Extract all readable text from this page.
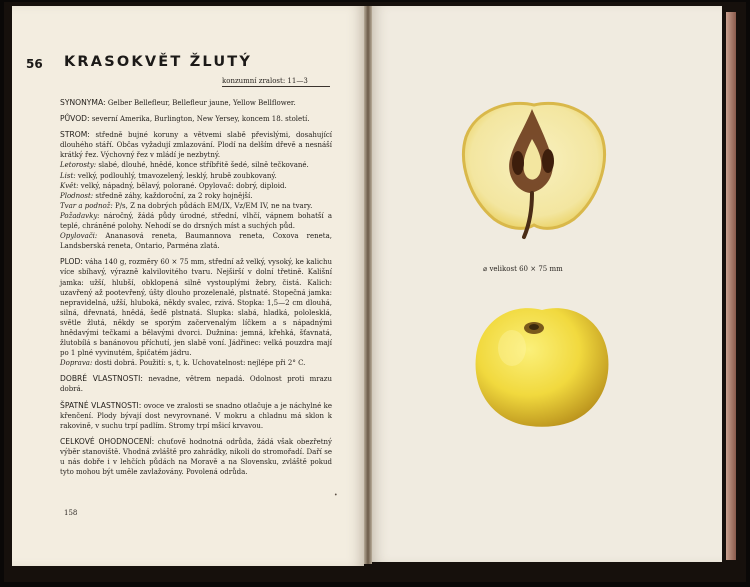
56 KRASOKVĚT ŽLUTÝ
konzumní zralost: 11—3

SYNONYMA: Gelber Bellefleur, Bellefleur jaune, Yellow Bellflower.

PŮVOD: severní Amerika, Burlington, New Yersey, koncem 18. století.

STROM: středně bujné koruny a větvemi slabě převislými, dosahující dlouhého stáří. Občas vyžadují zmlazování. Plodí na delším dřevě a nesnáší krátký řez. Výchovný řez v mládí je nezbytný.

Letorosty: slabé, dlouhé, hnědé, konce stříbřitě šedé, silně tečkované.

List: velký, podlouhlý, tmavozelený, lesklý, hrubě zoubkovaný.

Květ: velký, nápadný, bělavý, polorané. Opylovač: dobrý, diploid.

Plodnost: středně záhy, každoroční, za 2 roky hojnější.

Tvar a podnož: P/s, Z na dobrých půdách EM/IX, Vz/EM IV, ne na tvary.

Požadavky: náročný, žádá půdy úrodné, střední, vlhčí, vápnem bohatší a teplé, chráněné polohy. Nehodí se do drsných míst a suchých půd.

Opylovači: Ananasová reneta, Baumannova reneta, Coxova reneta, Landsberská reneta, Ontario, Parména zlatá.

PLOD: váha 140 g, rozměry 60 × 75 mm, střední až velký, vysoký, ke kalichu více sbíhavý, výrazně kalvilovitého tvaru. Nejširší v dolní třetině. Kališní jamka: užší, hlubší, obklopená silně vystouplými žebry, čistá. Kalich: uzavřený až pootevřený, úšty dlouho prozelenalé, plstnaté. Stopečná jamka: nepravidelná, užší, hluboká, někdy svalec, rzivá. Stopka: 1,5—2 cm dlouhá, silná, dřevnatá, hnědá, šedě plstnatá. Slupka: slabá, hladká, pololesklá, světle žlutá, někdy se sporým začervenalým líčkem a s nápadnými hnědavými tečkami a bělavými dvorci. Dužnina: jemná, křehká, šťavnatá, žlutobílá s banánovou příchutí, jen slabě voní. Jádřinec: velká pouzdra mají po 1 plné vyvinutém, špičatém jádru.

Doprava: dosti dobrá. Použití: s, t, k. Uchovatelnost: nejlépe při 2° C.

DOBRÉ VLASTNOSTI: nevadne, větrem nepadá. Odolnost proti mrazu dobrá.

ŠPATNÉ VLASTNOSTI: ovoce ve zralosti se snadno otlačuje a je náchylné ke křenčení. Plody bývají dost nevyrovnané. V mokru a chladnu má sklon k rakovině, v suchu trpí padlím. Stromy trpí mšicí krvavou.

CELKOVÉ OHODNOCENÍ: chuťově hodnotná odrůda, žádá však obezřetný výběr stanoviště. Vhodná zvláště pro zahrádky, nikoli do stromořadí. Daří se u nás dobře i v lehčích půdách na Moravě a na Slovensku, zvláště pokud tyto mohou být uměle zavlažovány. Povolená odrůda.

158
•
⌀ velikost 60 × 75 mm
